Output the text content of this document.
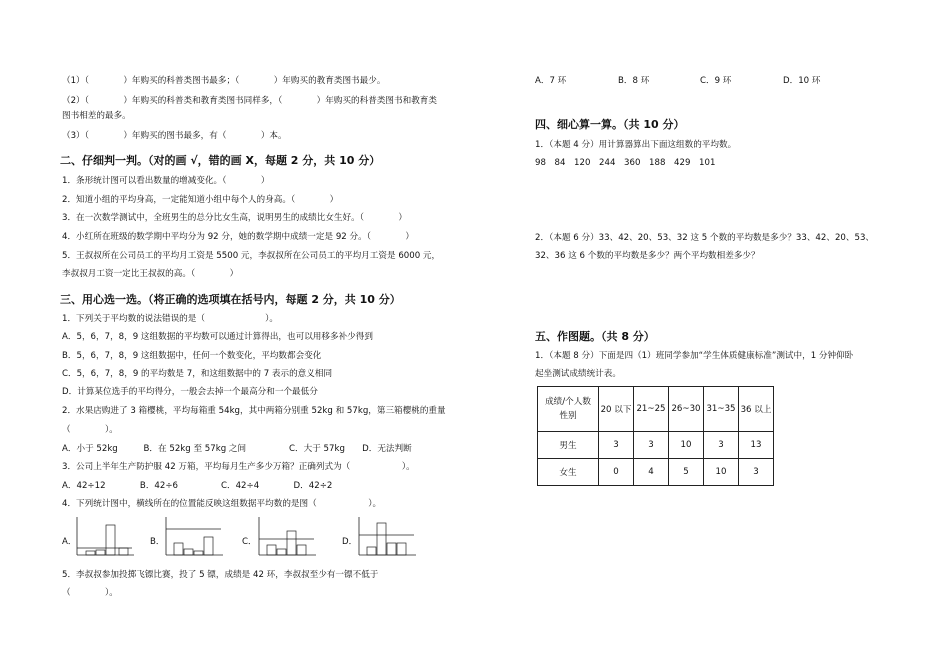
（1）（　　　　）年购买的科普类图书最多；（　　　　）年购买的教育类图书最少。
（2）（　　　　）年购买的科普类和教育类图书同样多，（　　　　）年购买的科普类图书和教育类
图书相差的最多。
（3）（　　　　）年购买的图书最多，有（　　　　）本。
二、仔细判一判。（对的画 √，错的画 X，每题 2 分，共 10 分）
1．条形统计图可以看出数量的增减变化。（　　　　）
2．知道小组的平均身高，一定能知道小组中每个人的身高。（　　　　）
3．在一次数学测试中，全班男生的总分比女生高，说明男生的成绩比女生好。（　　　　）
4．小红所在班级的数学期中平均分为 92 分，她的数学期中成绩一定是 92 分。（　　　　）
5．王叔叔所在公司员工的平均月工资是 5500 元，李叔叔所在公司员工的平均月工资是 6000 元，
李叔叔月工资一定比王叔叔的高。（　　　　）
三、用心选一选。（将正确的选项填在括号内，每题 2 分，共 10 分）
1．下列关于平均数的说法错误的是（　　　　　　　）。
A．5，6，7，8，9 这组数据的平均数可以通过计算得出，也可以用移多补少得到
B．5，6，7，8，9 这组数据中，任何一个数变化，平均数都会变化
C．5，6，7，8，9 的平均数是 7，和这组数据中的 7 表示的意义相同
D．计算某位选手的平均得分，一般会去掉一个最高分和一个最低分
2．水果店购进了 3 箱樱桃，平均每箱重 54kg，其中两箱分别重 52kg 和 57kg，第三箱樱桃的重量
（　　　　）。
A．小于 52kg　　　B．在 52kg 至 57kg 之间　　　　　C．大于 57kg　　D．无法判断
3．公司上半年生产防护服 42 万箱，平均每月生产多少万箱？正确列式为（　　　　　　）。
A．42÷12　　　　B．42÷6　　　　　C．42÷4　　　　D．42÷2
4．下列统计图中，横线所在的位置能反映这组数据平均数的是图（　　　　　　）。
A．	B．	C．	D．
5．李叔叔参加投掷飞镖比赛，投了 5 镖，成绩是 42 环，李叔叔至少有一镖不低于
（　　　　）。
A．7 环	B．8 环	C．9 环	D．10 环
四、细心算一算。（共 10 分）
1．（本题 4 分）用计算器算出下面这组数的平均数。
98　84　120　244　360　188　429　101
2．（本题 6 分）33、42、20、53、32 这 5 个数的平均数是多少？33、42、20、53、
32、36 这 6 个数的平均数是多少？两个平均数相差多少？
五、作图题。（共 8 分）
1．（本题 8 分）下面是四（1）班同学参加“学生体质健康标准”测试中，1 分钟仰卧
起坐测试成绩统计表。
成绩/个人数
性别	20 以下	21~25	26~30	31~35	36 以上
男生	3	3	10	3	13
女生	0	4	5	10	3
